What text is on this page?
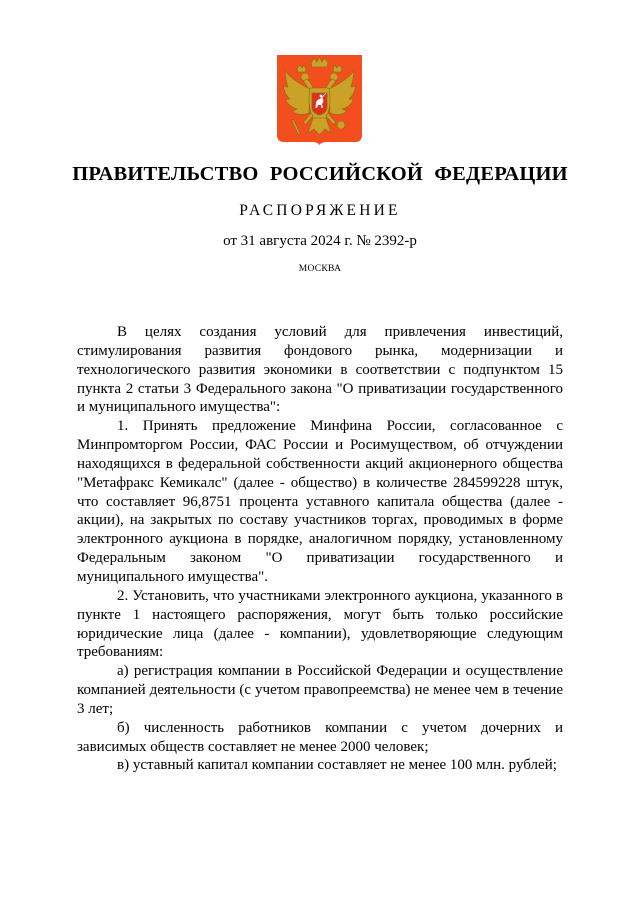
ПРАВИТЕЛЬСТВО РОССИЙСКОЙ ФЕДЕРАЦИИ
РАСПОРЯЖЕНИЕ
от 31 августа 2024 г. № 2392-р
МОСКВА

В целях создания условий для привлечения инвестиций, стимулирования развития фондового рынка, модернизации и технологического развития экономики в соответствии с подпунктом 15 пункта 2 статьи 3 Федерального закона "О приватизации государственного и муниципального имущества":

1. Принять предложение Минфина России, согласованное с Минпромторгом России, ФАС России и Росимуществом, об отчуждении находящихся в федеральной собственности акций акционерного общества "Метафракс Кемикалс" (далее - общество) в количестве 284599228 штук, что составляет 96,8751 процента уставного капитала общества (далее - акции), на закрытых по составу участников торгах, проводимых в форме электронного аукциона в порядке, аналогичном порядку, установленному Федеральным законом "О приватизации государственного и муниципального имущества".

2. Установить, что участниками электронного аукциона, указанного в пункте 1 настоящего распоряжения, могут быть только российские юридические лица (далее - компании), удовлетворяющие следующим требованиям:

а) регистрация компании в Российской Федерации и осуществление компанией деятельности (с учетом правопреемства) не менее чем в течение 3 лет;

б) численность работников компании с учетом дочерних и зависимых обществ составляет не менее 2000 человек;

в) уставный капитал компании составляет не менее 100 млн. рублей;
